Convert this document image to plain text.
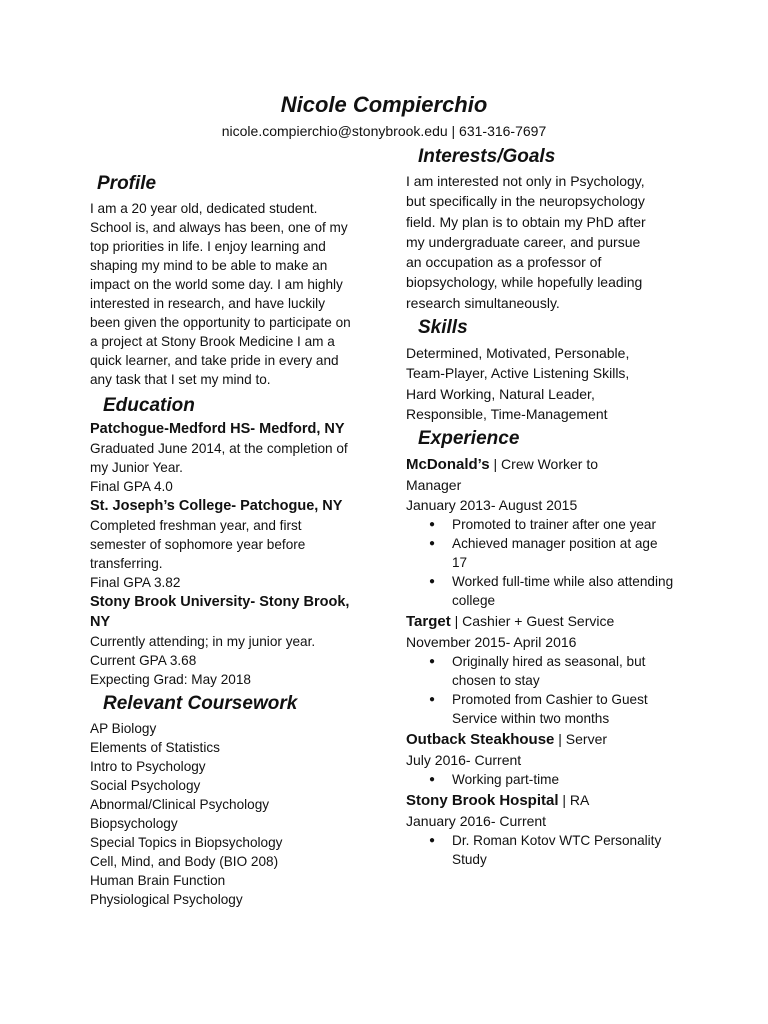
Nicole Compierchio
nicole.compierchio@stonybrook.edu | 631-316-7697
Profile
I am a 20 year old, dedicated student.
School is, and always has been, one of my
top priorities in life. I enjoy learning and
shaping my mind to be able to make an
impact on the world some day. I am highly
interested in research, and have luckily
been given the opportunity to participate on
a project at Stony Brook Medicine I am a
quick learner, and take pride in every and
any task that I set my mind to.
Education
Patchogue-Medford HS- Medford, NY
Graduated June 2014, at the completion of
my Junior Year.
Final GPA 4.0
St. Joseph’s College- Patchogue, NY
Completed freshman year, and first
semester of sophomore year before
transferring.
Final GPA 3.82
Stony Brook University- Stony Brook,
NY
Currently attending; in my junior year.
Current GPA 3.68
Expecting Grad: May 2018
Relevant Coursework
AP Biology
Elements of Statistics
Intro to Psychology
Social Psychology
Abnormal/Clinical Psychology
Biopsychology
Special Topics in Biopsychology
Cell, Mind, and Body (BIO 208)
Human Brain Function
Physiological Psychology
Interests/Goals
I am interested not only in Psychology,
but specifically in the neuropsychology
field. My plan is to obtain my PhD after
my undergraduate career, and pursue
an occupation as a professor of
biopsychology, while hopefully leading
research simultaneously.
Skills
Determined, Motivated, Personable,
Team-Player, Active Listening Skills,
Hard Working, Natural Leader,
Responsible, Time-Management
Experience
McDonald’s | Crew Worker to
Manager
January 2013- August 2015
● Promoted to trainer after one year
● Achieved manager position at age
17
● Worked full-time while also attending
college
Target | Cashier + Guest Service
November 2015- April 2016
● Originally hired as seasonal, but
chosen to stay
● Promoted from Cashier to Guest
Service within two months
Outback Steakhouse | Server
July 2016- Current
● Working part-time
Stony Brook Hospital | RA
January 2016- Current
● Dr. Roman Kotov WTC Personality
Study
